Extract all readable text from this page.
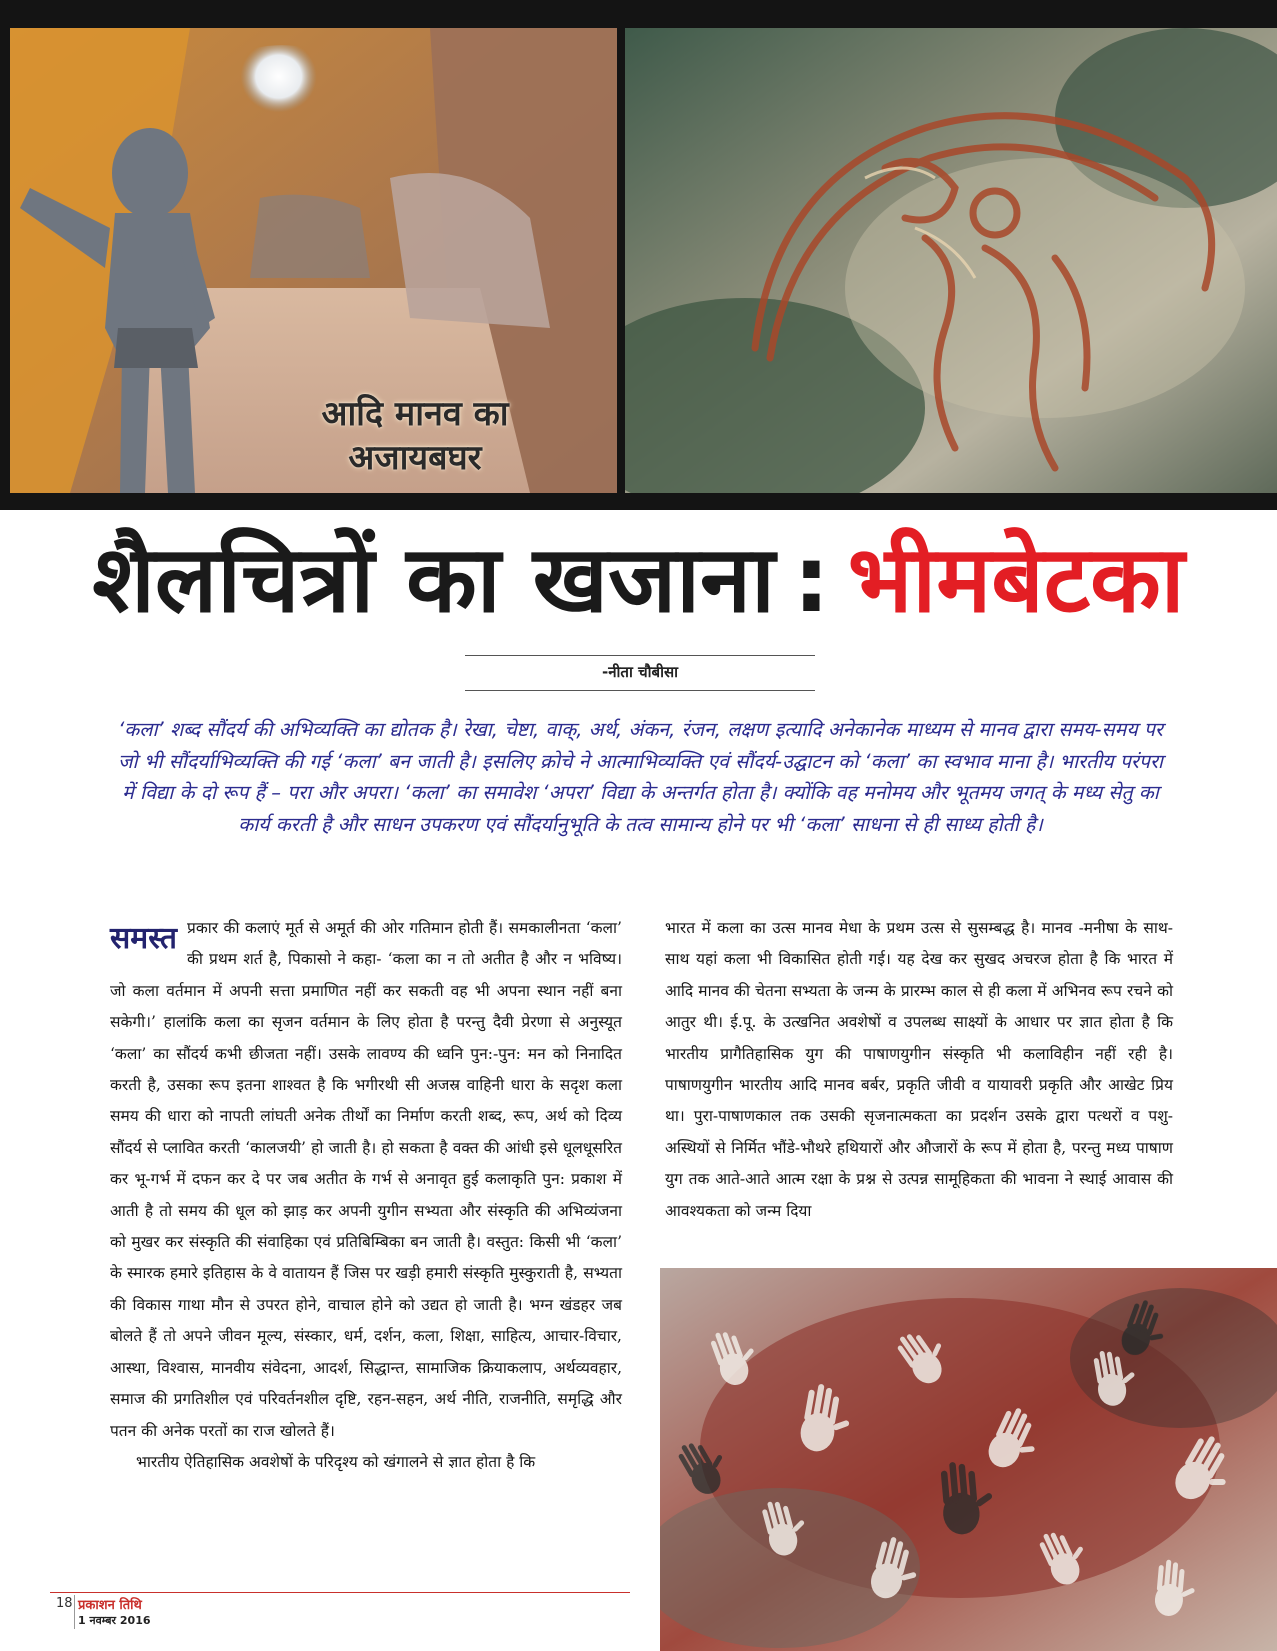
आदि मानव का
अजायबघर
शैलचित्रों का खजाना : भीमबेटका
-नीता चौबीसा
‘कला’ शब्द सौंदर्य की अभिव्यक्ति का द्योतक है। रेखा, चेष्टा, वाक्, अर्थ, अंकन, रंजन, लक्षण इत्यादि अनेकानेक माध्यम से मानव द्वारा समय-समय पर जो भी सौंदर्याभिव्यक्ति की गई ‘कला’ बन जाती है। इसलिए क्रोचे ने आत्माभिव्यक्ति एवं सौंदर्य-उद्घाटन को ‘कला’ का स्वभाव माना है। भारतीय परंपरा में विद्या के दो रूप हैं – परा और अपरा। ‘कला’ का समावेश ‘अपरा’ विद्या के अन्तर्गत होता है। क्योंकि वह मनोमय और भूतमय जगत् के मध्य सेतु का कार्य करती है और साधन उपकरण एवं सौंदर्यानुभूति के तत्व सामान्य होने पर भी ‘कला’ साधना से ही साध्य होती है।

समस्त प्रकार की कलाएं मूर्त से अमूर्त की ओर गतिमान होती हैं। समकालीनता ‘कला’ की प्रथम शर्त है, पिकासो ने कहा- ‘कला का न तो अतीत है और न भविष्य। जो कला वर्तमान में अपनी सत्ता प्रमाणित नहीं कर सकती वह भी अपना स्थान नहीं बना सकेगी।’ हालांकि कला का सृजन वर्तमान के लिए होता है परन्तु दैवी प्रेरणा से अनुस्यूत ‘कला’ का सौंदर्य कभी छीजता नहीं। उसके लावण्य की ध्वनि पुन:-पुन: मन को निनादित करती है, उसका रूप इतना शाश्वत है कि भगीरथी सी अजस्र वाहिनी धारा के सदृश कला समय की धारा को नापती लांघती अनेक तीर्थों का निर्माण करती शब्द, रूप, अर्थ को दिव्य सौंदर्य से प्लावित करती ‘कालजयी’ हो जाती है। हो सकता है वक्त की आंधी इसे धूलधूसरित कर भू-गर्भ में दफन कर दे पर जब अतीत के गर्भ से अनावृत हुई कलाकृति पुन: प्रकाश में आती है तो समय की धूल को झाड़ कर अपनी युगीन सभ्यता और संस्कृति की अभिव्यंजना को मुखर कर संस्कृति की संवाहिका एवं प्रतिबिम्बिका बन जाती है। वस्तुत: किसी भी ‘कला’ के स्मारक हमारे इतिहास के वे वातायन हैं जिस पर खड़ी हमारी संस्कृति मुस्कुराती है, सभ्यता की विकास गाथा मौन से उपरत होने, वाचाल होने को उद्यत हो जाती है। भग्न खंडहर जब बोलते हैं तो अपने जीवन मूल्य, संस्कार, धर्म, दर्शन, कला, शिक्षा, साहित्य, आचार-विचार, आस्था, विश्वास, मानवीय संवेदना, आदर्श, सिद्धान्त, सामाजिक क्रियाकलाप, अर्थव्यवहार, समाज की प्रगतिशील एवं परिवर्तनशील दृष्टि, रहन-सहन, अर्थ नीति, राजनीति, समृद्धि और पतन की अनेक परतों का राज खोलते हैं।

भारतीय ऐतिहासिक अवशेषों के परिदृश्य को खंगालने से ज्ञात होता है कि

भारत में कला का उत्स मानव मेधा के प्रथम उत्स से सुसम्बद्ध है। मानव -मनीषा के साथ-साथ यहां कला भी विकासित होती गई। यह देख कर सुखद अचरज होता है कि भारत में आदि मानव की चेतना सभ्यता के जन्म के प्रारम्भ काल से ही कला में अभिनव रूप रचने को आतुर थी। ई.पू. के उत्खनित अवशेषों व उपलब्ध साक्ष्यों के आधार पर ज्ञात होता है कि भारतीय प्रागैतिहासिक युग की पाषाणयुगीन संस्कृति भी कलाविहीन नहीं रही है। पाषाणयुगीन भारतीय आदि मानव बर्बर, प्रकृति जीवी व यायावरी प्रकृति और आखेट प्रिय था। पुरा-पाषाणकाल तक उसकी सृजनात्मकता का प्रदर्शन उसके द्वारा पत्थरों व पशु-अस्थियों से निर्मित भौंडे-भौथरे हथियारों और औजारों के रूप में होता है, परन्तु मध्य पाषाण युग तक आते-आते आत्म रक्षा के प्रश्न से उत्पन्न सामूहिकता की भावना ने स्थाई आवास की आवश्यकता को जन्म दिया

18 प्रकाशन तिथि
1 नवम्बर 2016
